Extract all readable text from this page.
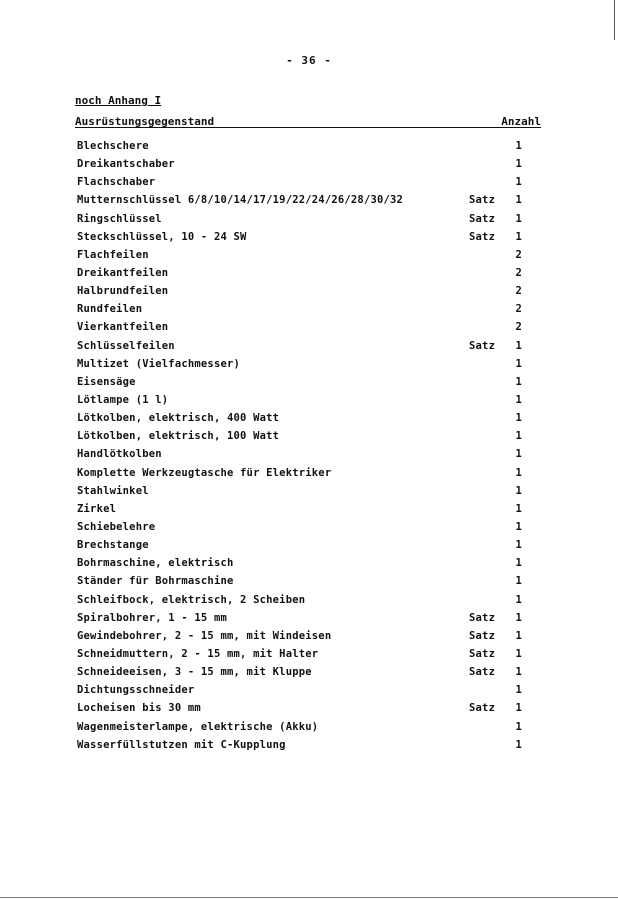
- 36 -
noch Anhang I
Ausrüstungsgegenstand	Anzahl
Blechschere	1
Dreikantschaber	1
Flachschaber	1
Mutternschlüssel 6/8/10/14/17/19/22/24/26/28/30/32	Satz 1
Ringschlüssel	Satz 1
Steckschlüssel, 10 - 24 SW	Satz 1
Flachfeilen	2
Dreikantfeilen	2
Halbrundfeilen	2
Rundfeilen	2
Vierkantfeilen	2
Schlüsselfeilen	Satz 1
Multizet (Vielfachmesser)	1
Eisensäge	1
Lötlampe (1 l)	1
Lötkolben, elektrisch, 400 Watt	1
Lötkolben, elektrisch, 100 Watt	1
Handlötkolben	1
Komplette Werkzeugtasche für Elektriker	1
Stahlwinkel	1
Zirkel	1
Schiebelehre	1
Brechstange	1
Bohrmaschine, elektrisch	1
Ständer für Bohrmaschine	1
Schleifbock, elektrisch, 2 Scheiben	1
Spiralbohrer, 1 - 15 mm	Satz 1
Gewindebohrer, 2 - 15 mm, mit Windeisen	Satz 1
Schneidmuttern, 2 - 15 mm, mit Halter	Satz 1
Schneideeisen, 3 - 15 mm, mit Kluppe	Satz 1
Dichtungsschneider	1
Locheisen bis 30 mm	Satz 1
Wagenmeisterlampe, elektrische (Akku)	1
Wasserfüllstutzen mit C-Kupplung	1
